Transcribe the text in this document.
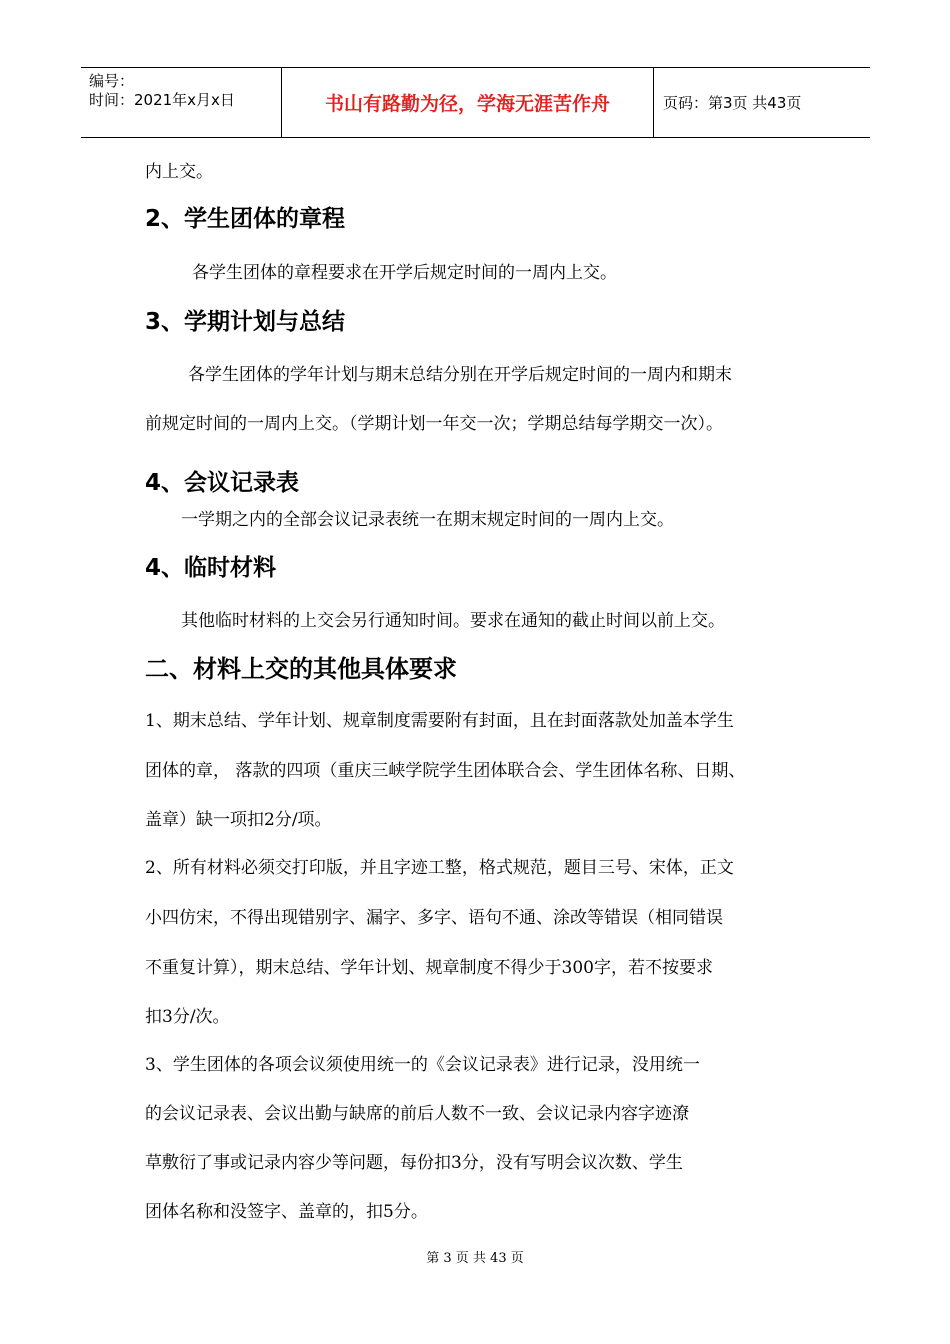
编号：
时间：2021年x月x日	书山有路勤为径，学海无涯苦作舟	页码：第3页 共43页
内上交。
2、学生团体的章程
各学生团体的章程要求在开学后规定时间的一周内上交。
3、学期计划与总结
各学生团体的学年计划与期末总结分别在开学后规定时间的一周内和期末
前规定时间的一周内上交。（学期计划一年交一次；学期总结每学期交一次）。
4、会议记录表
一学期之内的全部会议记录表统一在期末规定时间的一周内上交。
4、临时材料
其他临时材料的上交会另行通知时间。要求在通知的截止时间以前上交。
二、材料上交的其他具体要求
1、期末总结、学年计划、规章制度需要附有封面，且在封面落款处加盖本学生
团体的章， 落款的四项（重庆三峡学院学生团体联合会、学生团体名称、日期、
盖章）缺一项扣2分/项。
2、所有材料必须交打印版，并且字迹工整，格式规范，题目三号、宋体，正文
小四仿宋，不得出现错别字、漏字、多字、语句不通、涂改等错误（相同错误
不重复计算），期末总结、学年计划、规章制度不得少于300字，若不按要求
扣3分/次。
3、学生团体的各项会议须使用统一的《会议记录表》进行记录，没用统一
的会议记录表、会议出勤与缺席的前后人数不一致、会议记录内容字迹潦
草敷衍了事或记录内容少等问题，每份扣3分，没有写明会议次数、学生
团体名称和没签字、盖章的，扣5分。
第 3 页 共 43 页
